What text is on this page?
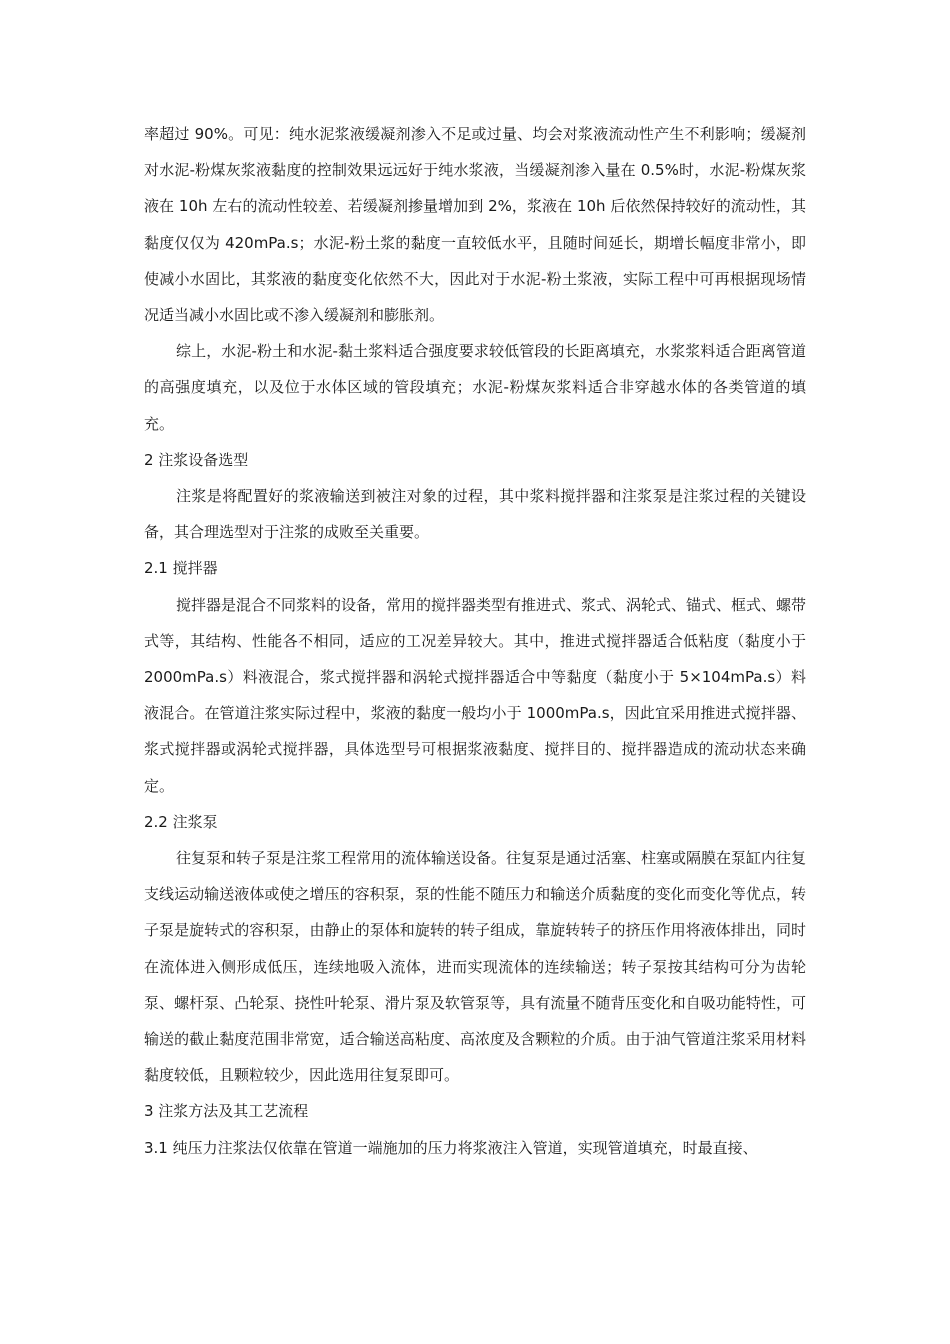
率超过 90%。可见：纯水泥浆液缓凝剂渗入不足或过量、均会对浆液流动性产生不利影响；缓凝剂对水泥-粉煤灰浆液黏度的控制效果远远好于纯水浆液，当缓凝剂渗入量在 0.5%时，水泥-粉煤灰浆液在 10h 左右的流动性较差、若缓凝剂掺量增加到 2%，浆液在 10h 后依然保持较好的流动性，其黏度仅仅为 420mPa.s；水泥-粉土浆的黏度一直较低水平，且随时间延长，期增长幅度非常小，即使减小水固比，其浆液的黏度变化依然不大，因此对于水泥-粉土浆液，实际工程中可再根据现场情况适当减小水固比或不渗入缓凝剂和膨胀剂。

综上，水泥-粉土和水泥-黏土浆料适合强度要求较低管段的长距离填充，水浆浆料适合距离管道的高强度填充，以及位于水体区域的管段填充；水泥-粉煤灰浆料适合非穿越水体的各类管道的填充。

2 注浆设备选型

注浆是将配置好的浆液输送到被注对象的过程，其中浆料搅拌器和注浆泵是注浆过程的关键设备，其合理选型对于注浆的成败至关重要。

2.1 搅拌器

搅拌器是混合不同浆料的设备，常用的搅拌器类型有推进式、浆式、涡轮式、锚式、框式、螺带式等，其结构、性能各不相同，适应的工况差异较大。其中，推进式搅拌器适合低粘度（黏度小于 2000mPa.s）料液混合，浆式搅拌器和涡轮式搅拌器适合中等黏度（黏度小于 5×104mPa.s）料液混合。在管道注浆实际过程中，浆液的黏度一般均小于 1000mPa.s，因此宜采用推进式搅拌器、浆式搅拌器或涡轮式搅拌器，具体选型号可根据浆液黏度、搅拌目的、搅拌器造成的流动状态来确定。

2.2 注浆泵

往复泵和转子泵是注浆工程常用的流体输送设备。往复泵是通过活塞、柱塞或隔膜在泵缸内往复支线运动输送液体或使之增压的容积泵，泵的性能不随压力和输送介质黏度的变化而变化等优点，转子泵是旋转式的容积泵，由静止的泵体和旋转的转子组成，靠旋转转子的挤压作用将液体排出，同时在流体进入侧形成低压，连续地吸入流体，进而实现流体的连续输送；转子泵按其结构可分为齿轮泵、螺杆泵、凸轮泵、挠性叶轮泵、滑片泵及软管泵等，具有流量不随背压变化和自吸功能特性，可输送的截止黏度范围非常宽，适合输送高粘度、高浓度及含颗粒的介质。由于油气管道注浆采用材料黏度较低，且颗粒较少，因此选用往复泵即可。

3 注浆方法及其工艺流程

3.1 纯压力注浆法仅依靠在管道一端施加的压力将浆液注入管道，实现管道填充，时最直接、
